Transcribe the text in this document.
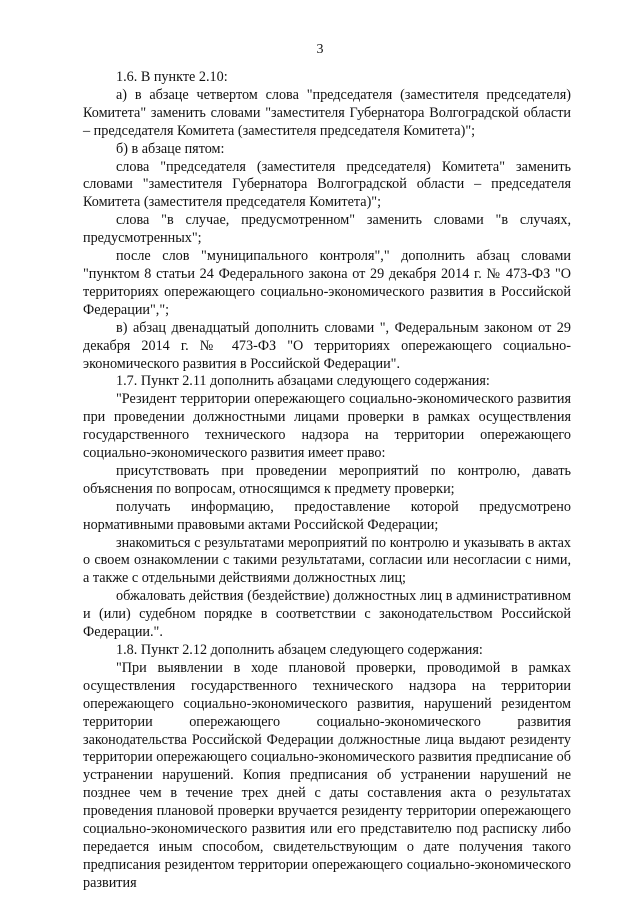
3

1.6. В пункте 2.10:

а) в абзаце четвертом слова "председателя (заместителя председателя) Комитета" заменить словами "заместителя Губернатора Волгоградской области – председателя Комитета (заместителя председателя Комитета)";

б) в абзаце пятом:

слова "председателя (заместителя председателя) Комитета" заменить словами "заместителя Губернатора Волгоградской области – председателя Комитета (заместителя председателя Комитета)";

слова "в случае, предусмотренном" заменить словами "в случаях, предусмотренных";

после слов "муниципального контроля"," дополнить абзац словами "пунктом 8 статьи 24 Федерального закона от 29 декабря 2014 г. № 473-ФЗ "О территориях опережающего социально-экономического развития в Российской Федерации",";

в) абзац двенадцатый дополнить словами ", Федеральным законом от 29 декабря 2014 г. № 473-ФЗ "О территориях опережающего социально-экономического развития в Российской Федерации".

1.7. Пункт 2.11 дополнить абзацами следующего содержания:

"Резидент территории опережающего социально-экономического развития при проведении должностными лицами проверки в рамках осуществления государственного технического надзора на территории опережающего социально-экономического развития имеет право:

присутствовать при проведении мероприятий по контролю, давать объяснения по вопросам, относящимся к предмету проверки;

получать информацию, предоставление которой предусмотрено нормативными правовыми актами Российской Федерации;

знакомиться с результатами мероприятий по контролю и указывать в актах о своем ознакомлении с такими результатами, согласии или несогласии с ними, а также с отдельными действиями должностных лиц;

обжаловать действия (бездействие) должностных лиц в административном и (или) судебном порядке в соответствии с законодательством Российской Федерации.".

1.8. Пункт 2.12 дополнить абзацем следующего содержания:

"При выявлении в ходе плановой проверки, проводимой в рамках осуществления государственного технического надзора на территории опережающего социально-экономического развития, нарушений резидентом территории опережающего социально-экономического развития законодательства Российской Федерации должностные лица выдают резиденту территории опережающего социально-экономического развития предписание об устранении нарушений. Копия предписания об устранении нарушений не позднее чем в течение трех дней с даты составления акта о результатах проведения плановой проверки вручается резиденту территории опережающего социально-экономического развития или его представителю под расписку либо передается иным способом, свидетельствующим о дате получения такого предписания резидентом территории опережающего социально-экономического развития
